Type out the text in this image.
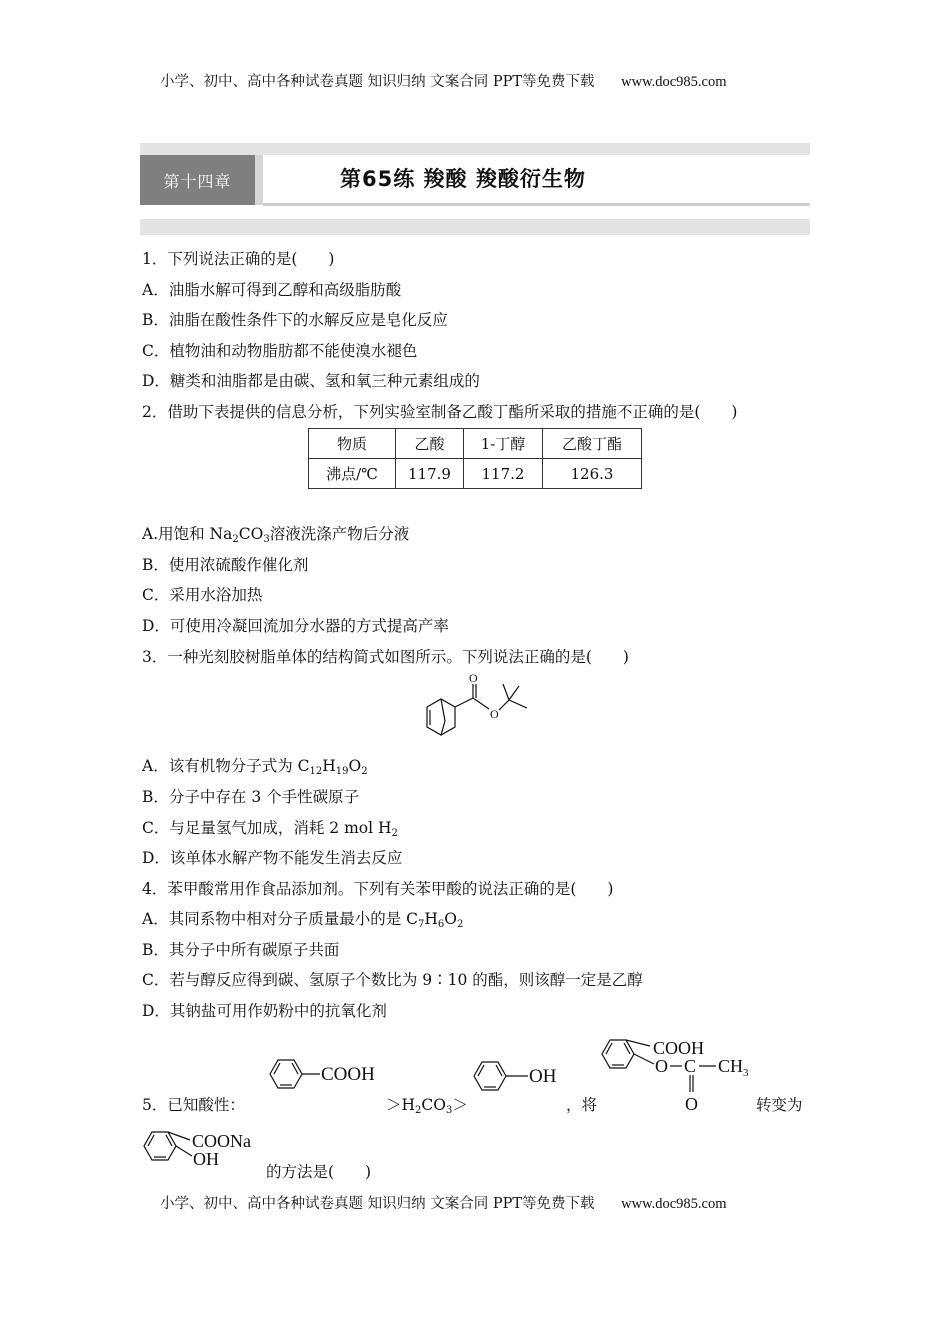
小学、初中、高中各种试卷真题 知识归纳 文案合同 PPT等免费下载 www.doc985.com
第十四章	第65练 羧酸 羧酸衍生物
1．下列说法正确的是(　　)
A．油脂水解可得到乙醇和高级脂肪酸
B．油脂在酸性条件下的水解反应是皂化反应
C．植物油和动物脂肪都不能使溴水褪色
D．糖类和油脂都是由碳、氢和氧三种元素组成的
2．借助下表提供的信息分析，下列实验室制备乙酸丁酯所采取的措施不正确的是(　　)
物质	乙酸	1-丁醇	乙酸丁酯
沸点/℃	117.9	117.2	126.3
A.用饱和 $Na_2CO_3$溶液洗涤产物后分液
B．使用浓硫酸作催化剂
C．采用水浴加热
D．可使用冷凝回流加分水器的方式提高产率
3．一种光刻胶树脂单体的结构简式如图所示。下列说法正确的是(　　)
O
O
A．该有机物分子式为 $C_{12}H_{19}O_2$
B．分子中存在 3 个手性碳原子
C．与足量氢气加成，消耗 2 mol $H_2$
D．该单体水解产物不能发生消去反应
4．苯甲酸常用作食品添加剂。下列有关苯甲酸的说法正确的是(　　)
A．其同系物中相对分子质量最小的是 $C_7H_6O_2$
B．其分子中所有碳原子共面
C．若与醇反应得到碳、氢原子个数比为 9∶10 的酯，则该醇一定是乙醇
D．其钠盐可用作奶粉中的抗氧化剂
COOH
5．已知酸性：	$>H_2CO_3>$
OH
，将
COOH
O C $CH_3$
O	转变为
COONa
OH
的方法是(　　)
小学、初中、高中各种试卷真题 知识归纳 文案合同 PPT等免费下载 www.doc985.com
